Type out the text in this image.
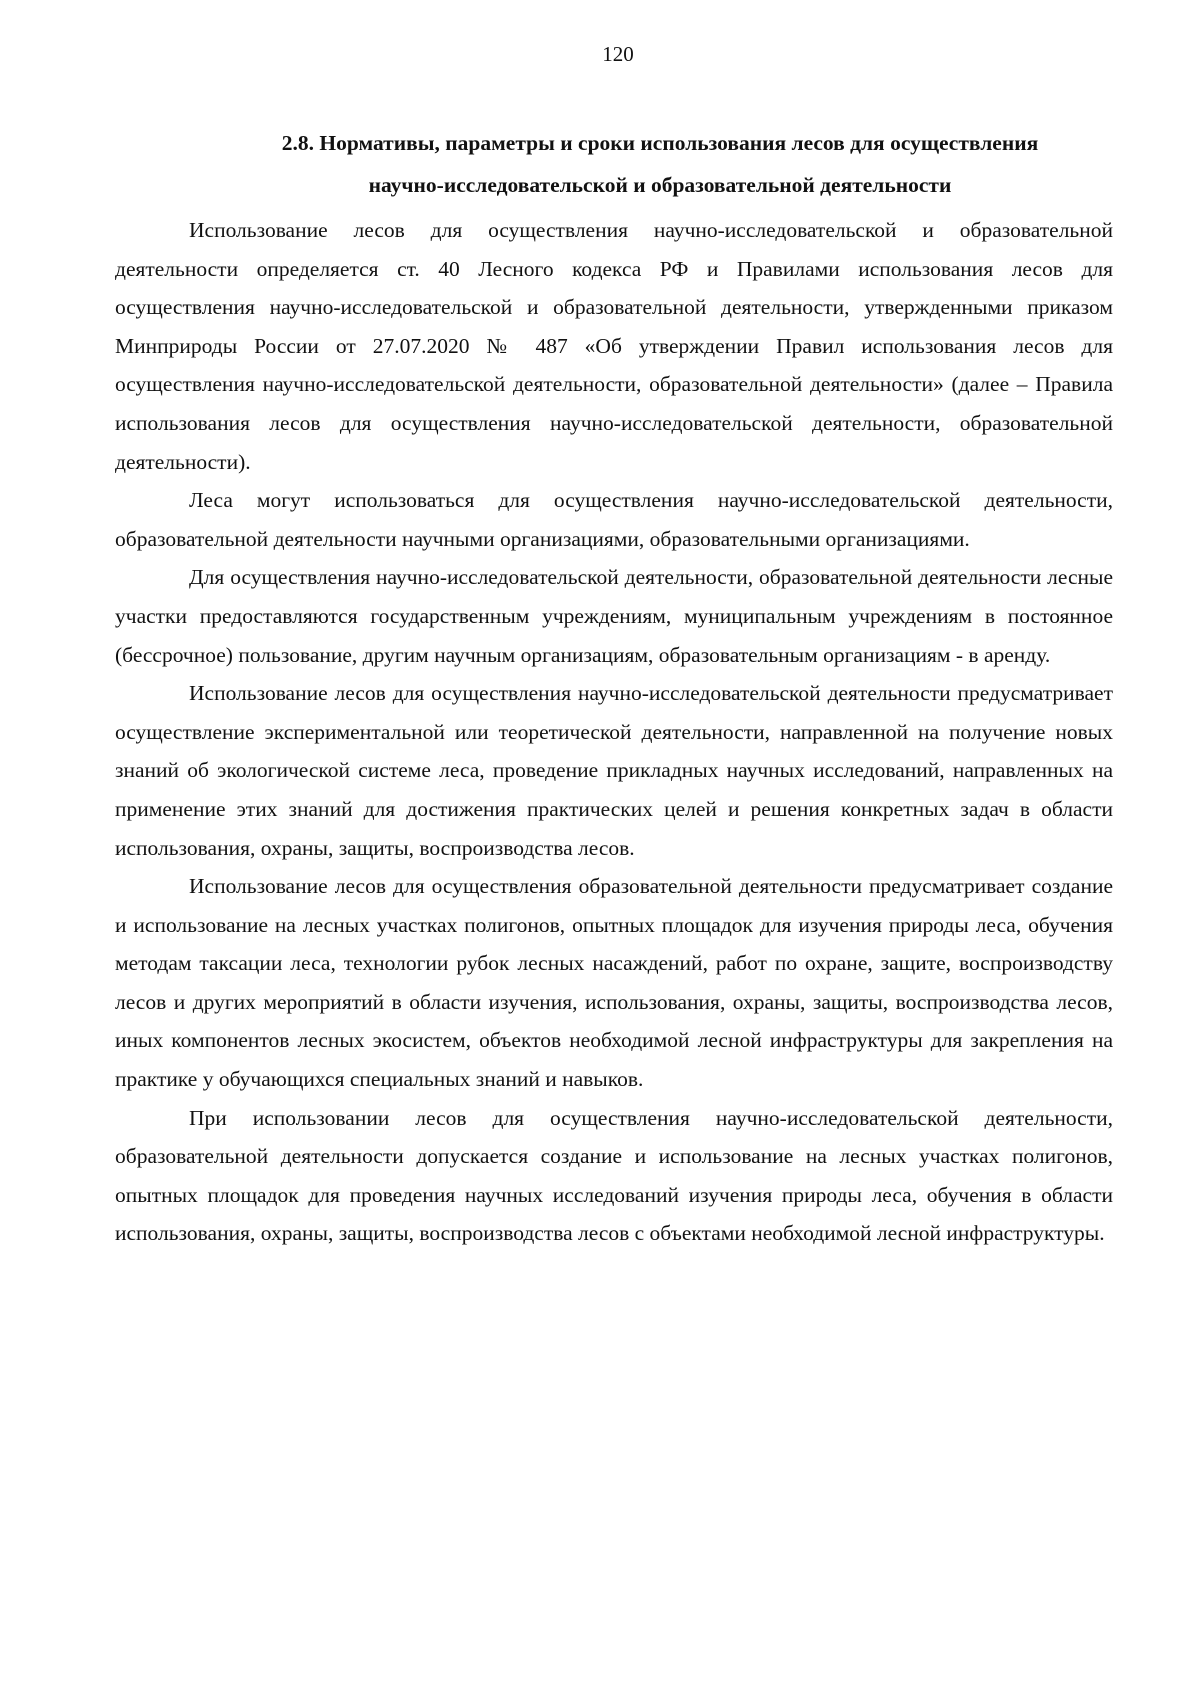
120
2.8. Нормативы, параметры и сроки использования лесов для осуществления
научно-исследовательской и образовательной деятельности

Использование лесов для осуществления научно-исследовательской и образовательной деятельности определяется ст. 40 Лесного кодекса РФ и Правилами использования лесов для осуществления научно-исследовательской и образовательной деятельности, утвержденными приказом Минприроды России от 27.07.2020 № 487 «Об утверждении Правил использования лесов для осуществления научно-исследовательской деятельности, образовательной деятельности» (далее – Правила использования лесов для осуществления научно-исследовательской деятельности, образовательной деятельности).

Леса могут использоваться для осуществления научно-исследовательской деятельности, образовательной деятельности научными организациями, образовательными организациями.

Для осуществления научно-исследовательской деятельности, образовательной деятельности лесные участки предоставляются государственным учреждениям, муниципальным учреждениям в постоянное (бессрочное) пользование, другим научным организациям, образовательным организациям - в аренду.

Использование лесов для осуществления научно-исследовательской деятельности предусматривает осуществление экспериментальной или теоретической деятельности, направленной на получение новых знаний об экологической системе леса, проведение прикладных научных исследований, направленных на применение этих знаний для достижения практических целей и решения конкретных задач в области использования, охраны, защиты, воспроизводства лесов.

Использование лесов для осуществления образовательной деятельности предусматривает создание и использование на лесных участках полигонов, опытных площадок для изучения природы леса, обучения методам таксации леса, технологии рубок лесных насаждений, работ по охране, защите, воспроизводству лесов и других мероприятий в области изучения, использования, охраны, защиты, воспроизводства лесов, иных компонентов лесных экосистем, объектов необходимой лесной инфраструктуры для закрепления на практике у обучающихся специальных знаний и навыков.

При использовании лесов для осуществления научно-исследовательской деятельности, образовательной деятельности допускается создание и использование на лесных участках полигонов, опытных площадок для проведения научных исследований изучения природы леса, обучения в области использования, охраны, защиты, воспроизводства лесов с объектами необходимой лесной инфраструктуры.
